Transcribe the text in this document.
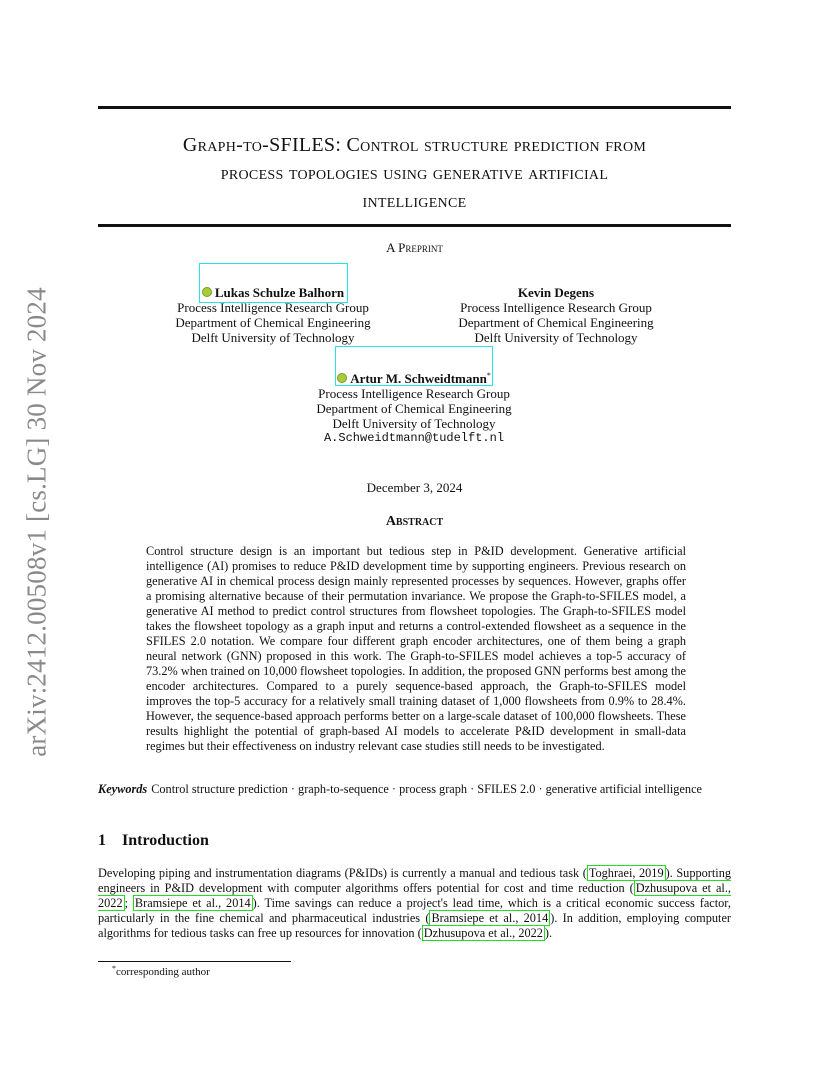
arXiv:2412.00508v1 [cs.LG] 30 Nov 2024
Graph-to-SFILES: Control structure prediction from
process topologies using generative artificial
intelligence
A Preprint
Lukas Schulze Balhorn
Process Intelligence Research Group
Department of Chemical Engineering
Delft University of Technology
Kevin Degens
Process Intelligence Research Group
Department of Chemical Engineering
Delft University of Technology
Artur M. Schweidtmann*
Process Intelligence Research Group
Department of Chemical Engineering
Delft University of Technology
A.Schweidtmann@tudelft.nl
December 3, 2024
Abstract
Control structure design is an important but tedious step in P&ID development. Generative artificial intelligence (AI) promises to reduce P&ID development time by supporting engineers. Previous research on generative AI in chemical process design mainly represented processes by sequences. However, graphs offer a promising alternative because of their permutation invariance. We propose the Graph-to-SFILES model, a generative AI method to predict control structures from flowsheet topologies. The Graph-to-SFILES model takes the flowsheet topology as a graph input and returns a control-extended flowsheet as a sequence in the SFILES 2.0 notation. We compare four different graph encoder architectures, one of them being a graph neural network (GNN) proposed in this work. The Graph-to-SFILES model achieves a top-5 accuracy of 73.2% when trained on 10,000 flowsheet topologies. In addition, the proposed GNN performs best among the encoder architectures. Compared to a purely sequence-based approach, the Graph-to-SFILES model improves the top-5 accuracy for a relatively small training dataset of 1,000 flowsheets from 0.9% to 28.4%. However, the sequence-based approach performs better on a large-scale dataset of 100,000 flowsheets. These results highlight the potential of graph-based AI models to accelerate P&ID development in small-data regimes but their effectiveness on industry relevant case studies still needs to be investigated.
Keywords Control structure prediction · graph-to-sequence · process graph · SFILES 2.0 · generative artificial intelligence
1 Introduction
Developing piping and instrumentation diagrams (P&IDs) is currently a manual and tedious task ( Toghraei, 2019 ). Supporting engineers in P&ID development with computer algorithms offers potential for cost and time reduction ( Dzhusupova et al., 2022 ; Bramsiepe et al., 2014 ). Time savings can reduce a project's lead time, which is a critical economic success factor, particularly in the fine chemical and pharmaceutical industries ( Bramsiepe et al., 2014 ). In addition, employing computer algorithms for tedious tasks can free up resources for innovation ( Dzhusupova et al., 2022 ).
*corresponding author
